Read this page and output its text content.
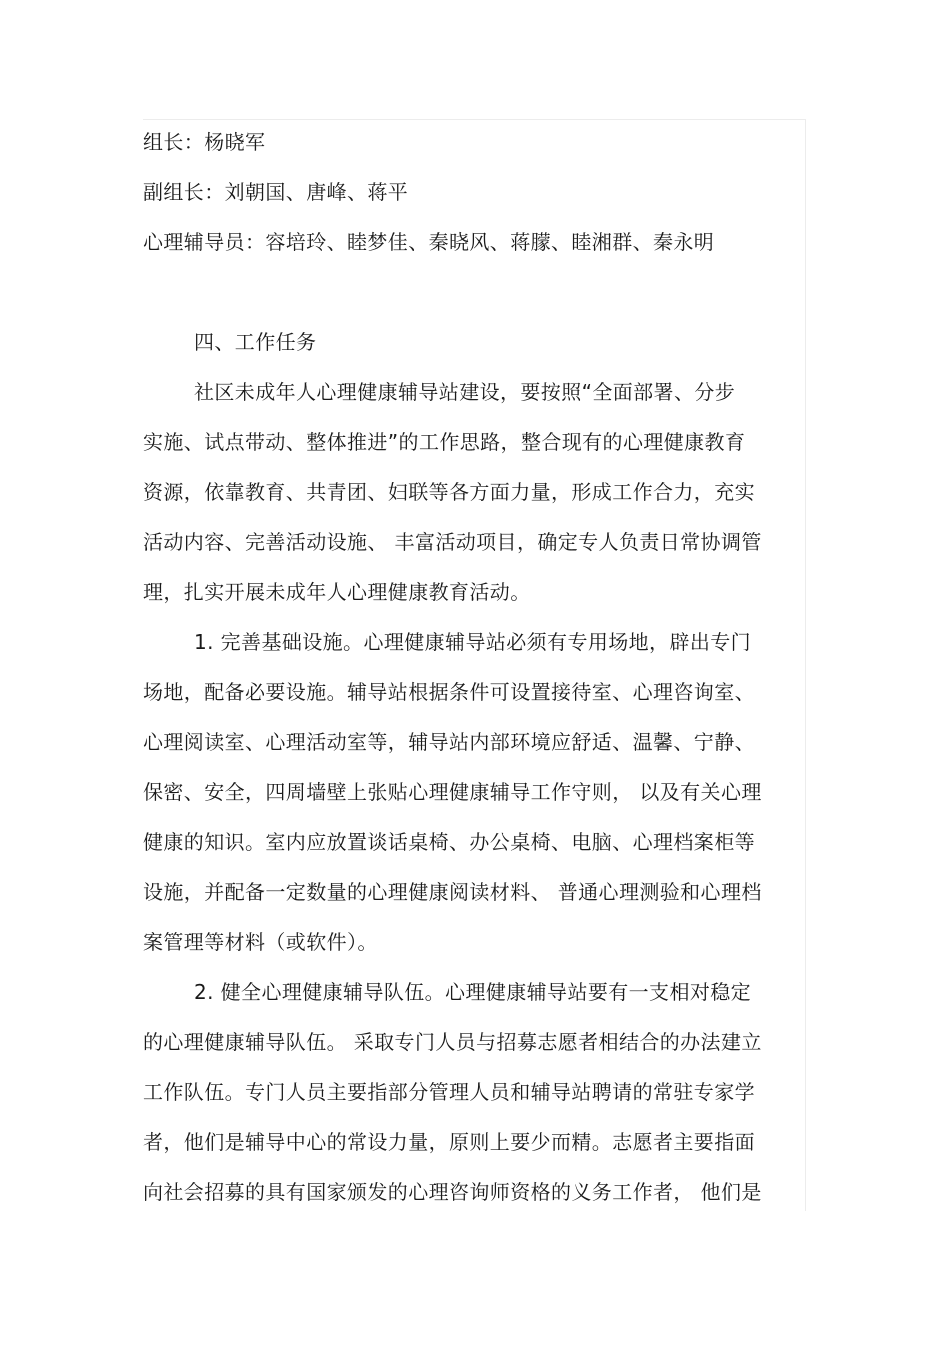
组长：杨晓军

副组长：刘朝国、唐峰、蒋平

心理辅导员：容培玲、睦梦佳、秦晓风、蒋朦、睦湘群、秦永明

四、工作任务

社区未成年人心理健康辅导站建设，要按照“全面部署、分步

实施、试点带动、整体推进”的工作思路，整合现有的心理健康教育

资源，依靠教育、共青团、妇联等各方面力量，形成工作合力，充实

活动内容、完善活动设施、 丰富活动项目，确定专人负责日常协调管

理，扎实开展未成年人心理健康教育活动。

1. 完善基础设施。心理健康辅导站必须有专用场地，辟出专门

场地，配备必要设施。辅导站根据条件可设置接待室、心理咨询室、

心理阅读室、心理活动室等，辅导站内部环境应舒适、温馨、宁静、

保密、安全，四周墙壁上张贴心理健康辅导工作守则， 以及有关心理

健康的知识。室内应放置谈话桌椅、办公桌椅、电脑、心理档案柜等

设施，并配备一定数量的心理健康阅读材料、 普通心理测验和心理档

案管理等材料（或软件）。

2. 健全心理健康辅导队伍。心理健康辅导站要有一支相对稳定

的心理健康辅导队伍。 采取专门人员与招募志愿者相结合的办法建立

工作队伍。专门人员主要指部分管理人员和辅导站聘请的常驻专家学

者，他们是辅导中心的常设力量，原则上要少而精。志愿者主要指面

向社会招募的具有国家颁发的心理咨询师资格的义务工作者， 他们是
